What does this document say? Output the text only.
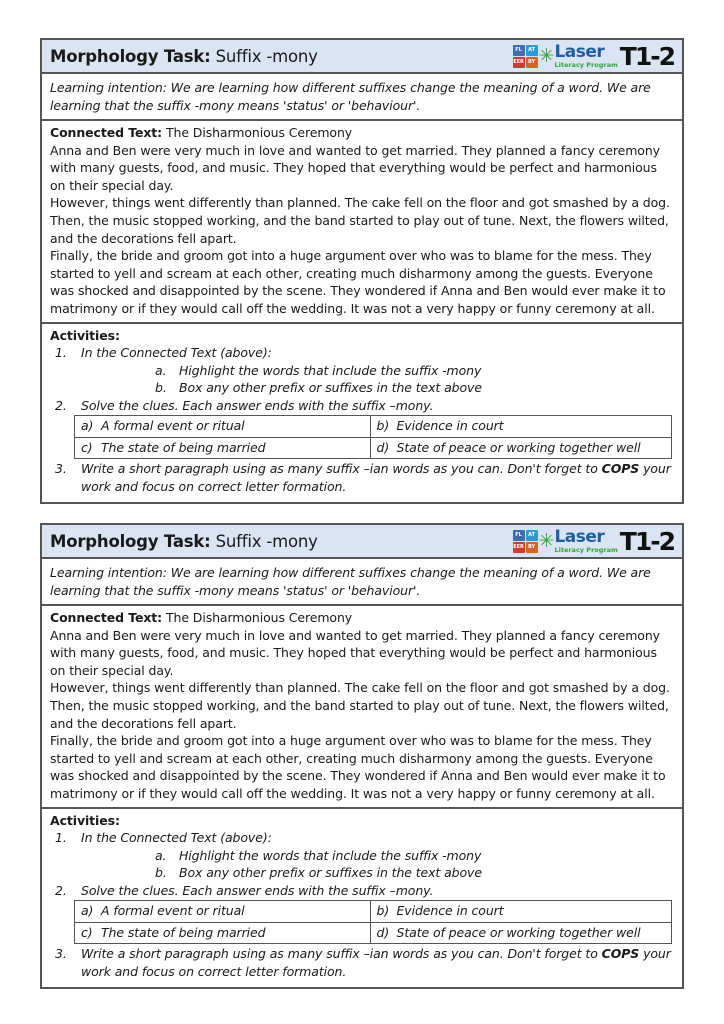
Morphology Task: Suffix -mony	FL	AT
EER BY ✳ Laser
Literacy Program T1-2
Learning intention: We are learning how different suffixes change the meaning of a word. We are learning that the suffix -mony means 'status' or 'behaviour'.
Connected Text: The Disharmonious Ceremony

Anna and Ben were very much in love and wanted to get married. They planned a fancy ceremony with many guests, food, and music. They hoped that everything would be perfect and harmonious on their special day.

However, things went differently than planned. The cake fell on the floor and got smashed by a dog. Then, the music stopped working, and the band started to play out of tune. Next, the flowers wilted, and the decorations fell apart.

Finally, the bride and groom got into a huge argument over who was to blame for the mess. They started to yell and scream at each other, creating much disharmony among the guests. Everyone was shocked and disappointed by the scene. They wondered if Anna and Ben would ever make it to matrimony or if they would call off the wedding. It was not a very happy or funny ceremony at all.

Activities:
1.	In the Connected Text (above):
a.	Highlight the words that include the suffix -mony
b. Box any other prefix or suffixes in the text above
2.	Solve the clues. Each answer ends with the suffix –mony.
a) A formal event or ritual	b) Evidence in court
c) The state of being married	d) State of peace or working together well
3.	Write a short paragraph using as many suffix –ian words as you can. Don't forget to COPS your work and focus on correct letter formation.
Morphology Task: Suffix -mony	FL	AT
EER BY ✳ Laser
Literacy Program T1-2
Learning intention: We are learning how different suffixes change the meaning of a word. We are learning that the suffix -mony means 'status' or 'behaviour'.
Connected Text: The Disharmonious Ceremony

Anna and Ben were very much in love and wanted to get married. They planned a fancy ceremony with many guests, food, and music. They hoped that everything would be perfect and harmonious on their special day.

However, things went differently than planned. The cake fell on the floor and got smashed by a dog. Then, the music stopped working, and the band started to play out of tune. Next, the flowers wilted, and the decorations fell apart.

Finally, the bride and groom got into a huge argument over who was to blame for the mess. They started to yell and scream at each other, creating much disharmony among the guests. Everyone was shocked and disappointed by the scene. They wondered if Anna and Ben would ever make it to matrimony or if they would call off the wedding. It was not a very happy or funny ceremony at all.

Activities:
1.	In the Connected Text (above):
a.	Highlight the words that include the suffix -mony
b. Box any other prefix or suffixes in the text above
2.	Solve the clues. Each answer ends with the suffix –mony.
a) A formal event or ritual	b) Evidence in court
c) The state of being married	d) State of peace or working together well
3.	Write a short paragraph using as many suffix –ian words as you can. Don't forget to COPS your work and focus on correct letter formation.
